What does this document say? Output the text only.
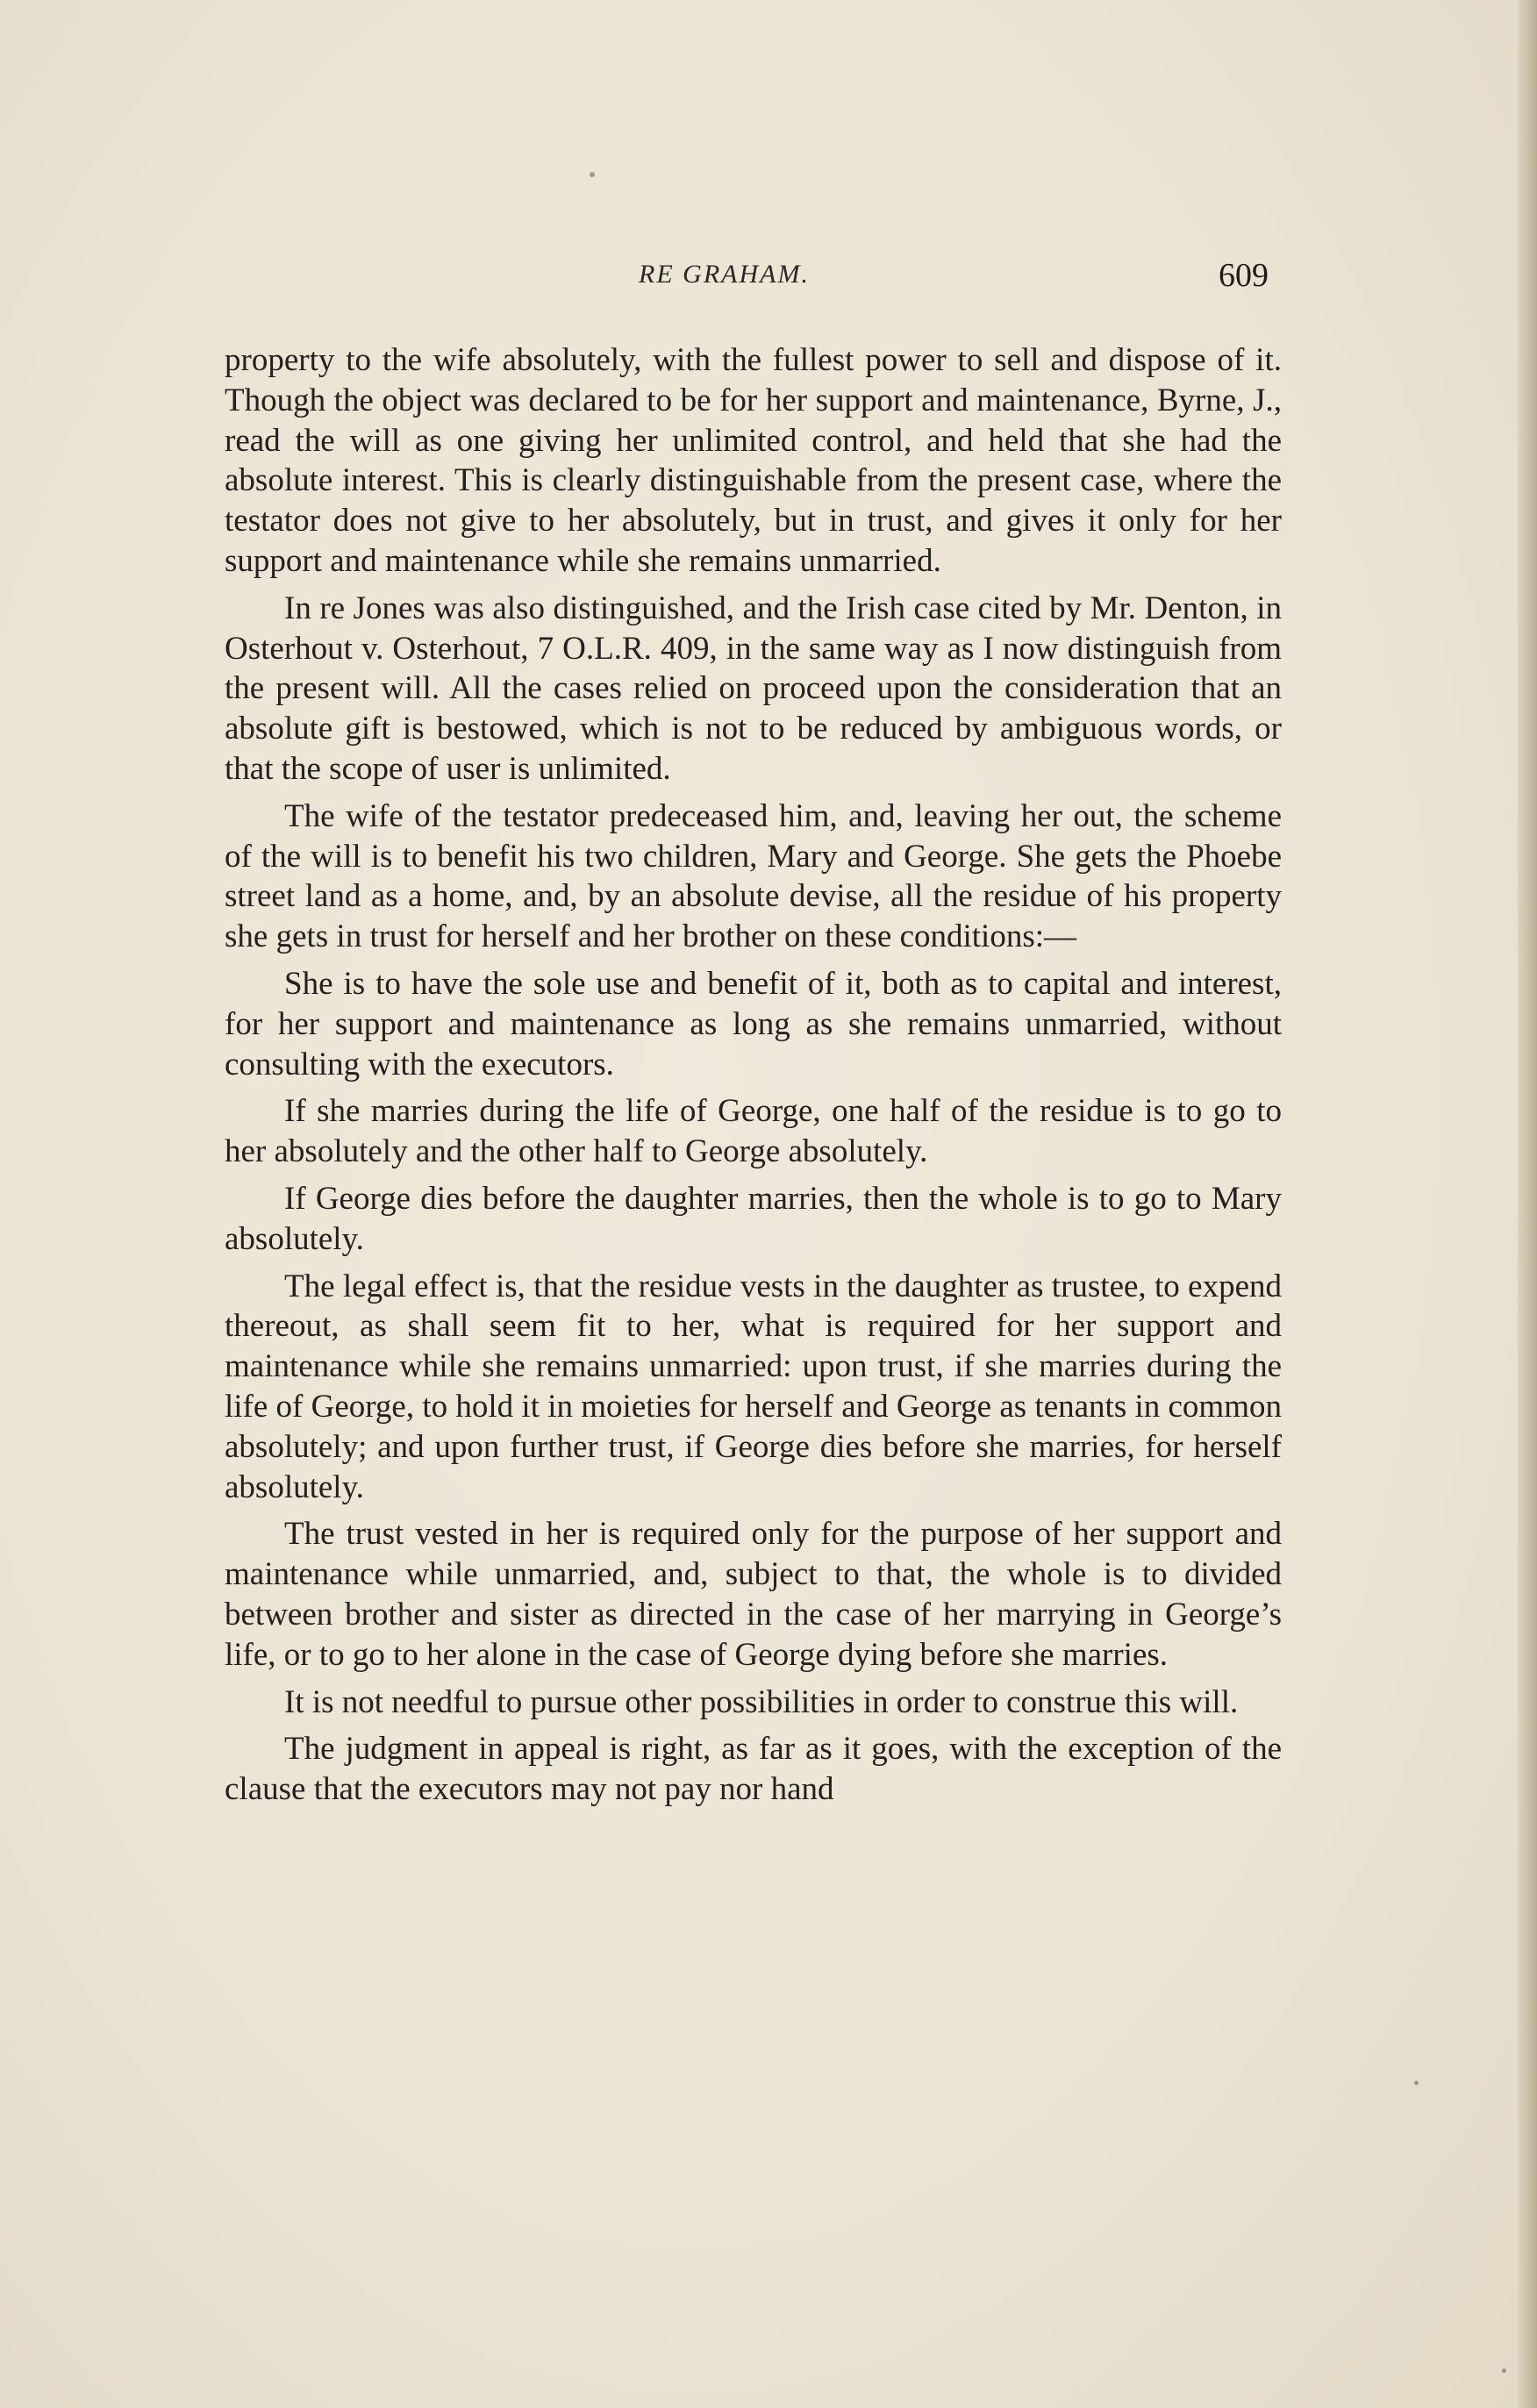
RE GRAHAM.	609

property to the wife absolutely, with the fullest power to sell and dispose of it. Though the object was declared to be for her support and maintenance, Byrne, J., read the will as one giving her unlimited control, and held that she had the absolute interest. This is clearly distinguishable from the present case, where the testator does not give to her absolutely, but in trust, and gives it only for her support and maintenance while she remains unmarried.

In re Jones was also distinguished, and the Irish case cited by Mr. Denton, in Osterhout v. Osterhout, 7 O.L.R. 409, in the same way as I now distinguish from the present will. All the cases relied on proceed upon the consideration that an absolute gift is bestowed, which is not to be reduced by ambiguous words, or that the scope of user is unlimited.

The wife of the testator predeceased him, and, leaving her out, the scheme of the will is to benefit his two children, Mary and George. She gets the Phoebe street land as a home, and, by an absolute devise, all the residue of his property she gets in trust for herself and her brother on these conditions:—

She is to have the sole use and benefit of it, both as to capital and interest, for her support and maintenance as long as she remains unmarried, without consulting with the executors.

If she marries during the life of George, one half of the residue is to go to her absolutely and the other half to George absolutely.

If George dies before the daughter marries, then the whole is to go to Mary absolutely.

The legal effect is, that the residue vests in the daughter as trustee, to expend thereout, as shall seem fit to her, what is required for her support and maintenance while she remains unmarried: upon trust, if she marries during the life of George, to hold it in moieties for herself and George as tenants in common absolutely; and upon further trust, if George dies before she marries, for herself absolutely.

The trust vested in her is required only for the purpose of her support and maintenance while unmarried, and, subject to that, the whole is to divided between brother and sister as directed in the case of her marrying in George’s life, or to go to her alone in the case of George dying before she marries.

It is not needful to pursue other possibilities in order to construe this will.

The judgment in appeal is right, as far as it goes, with the exception of the clause that the executors may not pay nor hand
